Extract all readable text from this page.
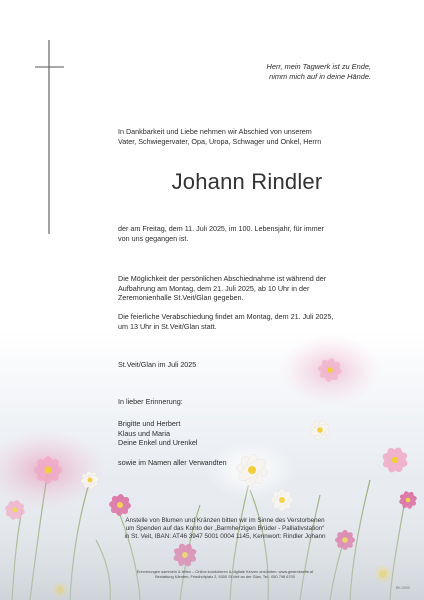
Herr, mein Tagwerk ist zu Ende,
nimm mich auf in deine Hände.
In Dankbarkeit und Liebe nehmen wir Abschied von unserem
Vater, Schwiegervater, Opa, Uropa, Schwager und Onkel, Herrn
Johann Rindler
der am Freitag, dem 11. Juli 2025, im 100. Lebensjahr, für immer
von uns gegangen ist.
Die Möglichkeit der persönlichen Abschiednahme ist während der
Aufbahrung am Montag, dem 21. Juli 2025, ab 10 Uhr in der
Zeremonienhalle St.Veit/Glan gegeben.
Die feierliche Verabschiedung findet am Montag, dem 21. Juli 2025,
um 13 Uhr in St.Veit/Glan statt.
St.Veit/Glan im Juli 2025
In lieber Erinnerung:
Brigitte und Herbert
Klaus und Maria
Deine Enkel und Urenkel
sowie im Namen aller Verwandten
Anstelle von Blumen und Kränzen bitten wir im Sinne des Verstorbenen
um Spenden auf das Konto der „Barmherzigen Brüder - Palliativstation“
in St. Veit, IBAN: AT46 3947 5001 0004 1145, Kennwort: Rindler Johann
Erinnerungen sammeln & teilen – Online kondolieren & digitale Kerzen anzünden: www.gedenkseite.at
Bestattung Kärnten, Friedhofplatz 2, 9300 St.Veit an der Glan, Tel.: 050 798 6700
BK-0000
